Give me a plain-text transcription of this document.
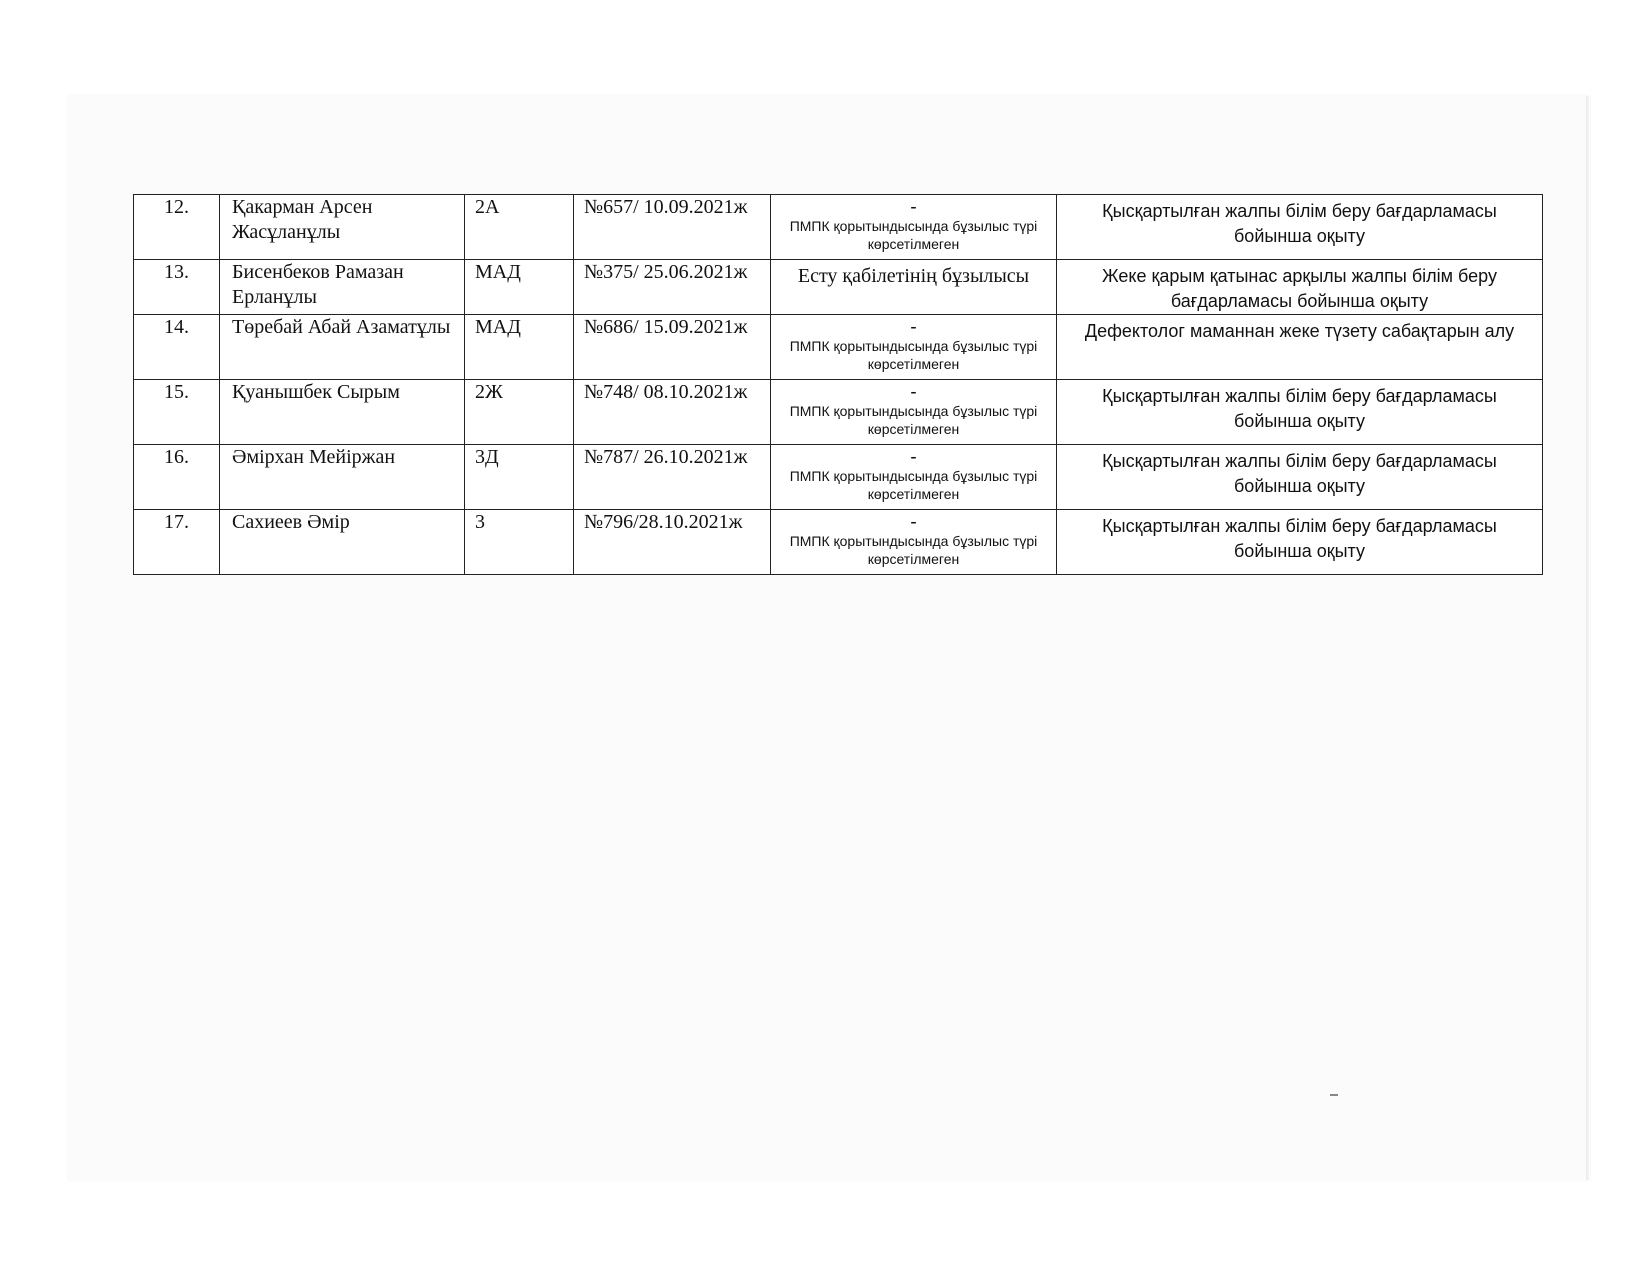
12.	Қакарман Арсен Жасұланұлы	2А	№657/ 10.09.2021ж	-
ПМПК қорытындысында бұзылыс түрі көрсетілмеген	Қысқартылған жалпы білім беру бағдарламасы бойынша оқыту

13.	Бисенбеков Рамазан Ерланұлы	МАД	№375/ 25.06.2021ж	Есту қабілетінің бұзылысы	Жеке қарым қатынас арқылы жалпы білім беру бағдарламасы бойынша оқыту

14.	Төребай Абай Азаматұлы	МАД	№686/ 15.09.2021ж	-
ПМПК қорытындысында бұзылыс түрі көрсетілмеген	Дефектолог маманнан жеке түзету сабақтарын алу

15.	Қуанышбек Сырым	2Ж	№748/ 08.10.2021ж	-
ПМПК қорытындысында бұзылыс түрі көрсетілмеген	Қысқартылған жалпы білім беру бағдарламасы бойынша оқыту

16.	Әмірхан Мейіржан	3Д	№787/ 26.10.2021ж	-
ПМПК қорытындысында бұзылыс түрі көрсетілмеген	Қысқартылған жалпы білім беру бағдарламасы бойынша оқыту

17.	Сахиеев Әмір	3	№796/28.10.2021ж	-
ПМПК қорытындысында бұзылыс түрі көрсетілмеген	Қысқартылған жалпы білім беру бағдарламасы бойынша оқыту
